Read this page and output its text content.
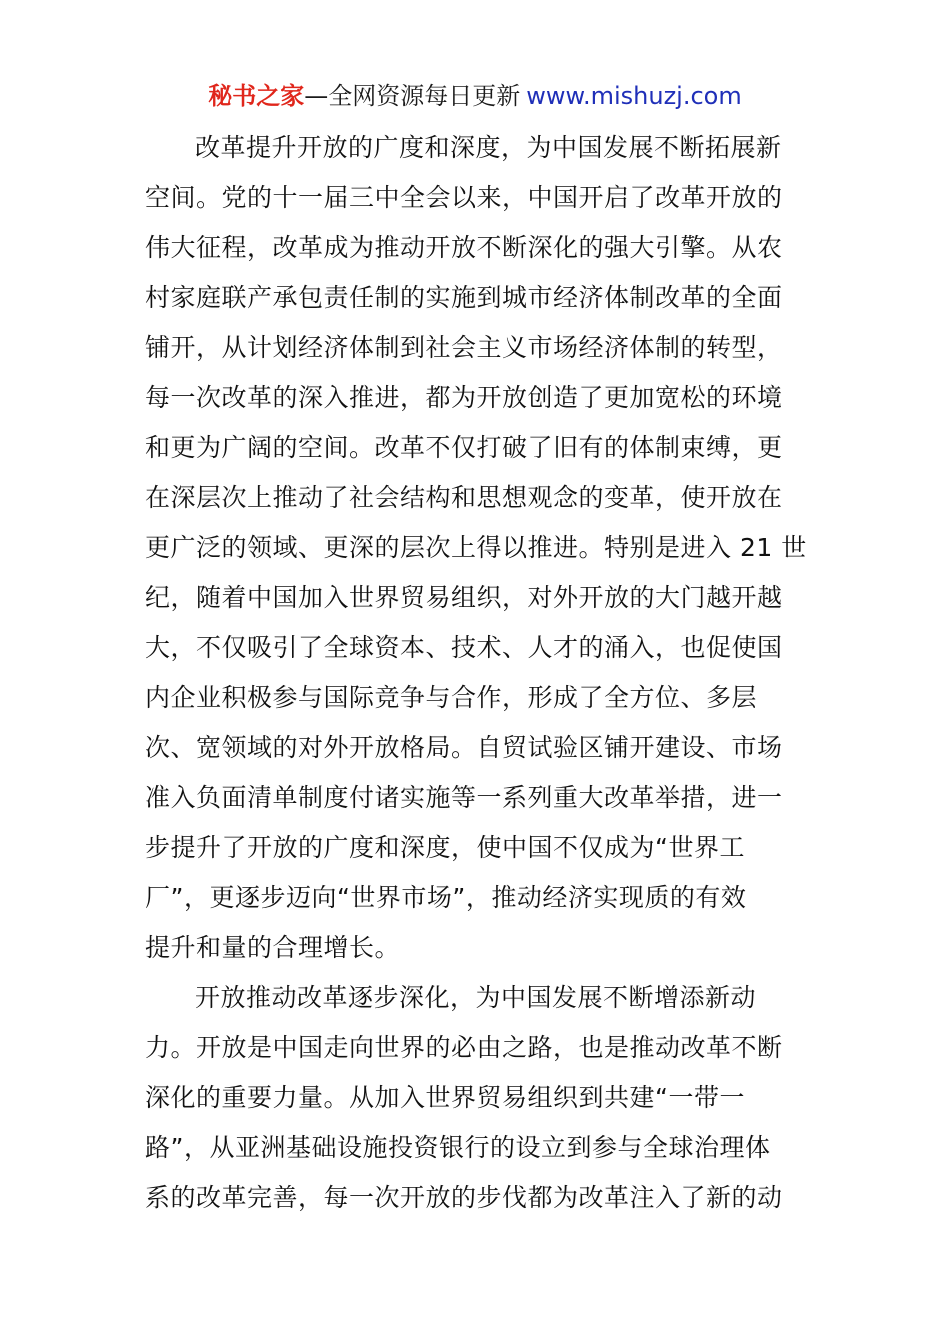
秘书之家—全网资源每日更新 www.mishuzj.com
改革提升开放的广度和深度，为中国发展不断拓展新
空间。党的十一届三中全会以来，中国开启了改革开放的
伟大征程，改革成为推动开放不断深化的强大引擎。从农
村家庭联产承包责任制的实施到城市经济体制改革的全面
铺开，从计划经济体制到社会主义市场经济体制的转型，
每一次改革的深入推进，都为开放创造了更加宽松的环境
和更为广阔的空间。改革不仅打破了旧有的体制束缚，更
在深层次上推动了社会结构和思想观念的变革，使开放在
更广泛的领域、更深的层次上得以推进。特别是进入 21 世
纪，随着中国加入世界贸易组织，对外开放的大门越开越
大，不仅吸引了全球资本、技术、人才的涌入，也促使国
内企业积极参与国际竞争与合作，形成了全方位、多层
次、宽领域的对外开放格局。自贸试验区铺开建设、市场
准入负面清单制度付诸实施等一系列重大改革举措，进一
步提升了开放的广度和深度，使中国不仅成为“世界工
厂”，更逐步迈向“世界市场”，推动经济实现质的有效
提升和量的合理增长。
开放推动改革逐步深化，为中国发展不断增添新动
力。开放是中国走向世界的必由之路，也是推动改革不断
深化的重要力量。从加入世界贸易组织到共建“一带一
路”，从亚洲基础设施投资银行的设立到参与全球治理体
系的改革完善，每一次开放的步伐都为改革注入了新的动
